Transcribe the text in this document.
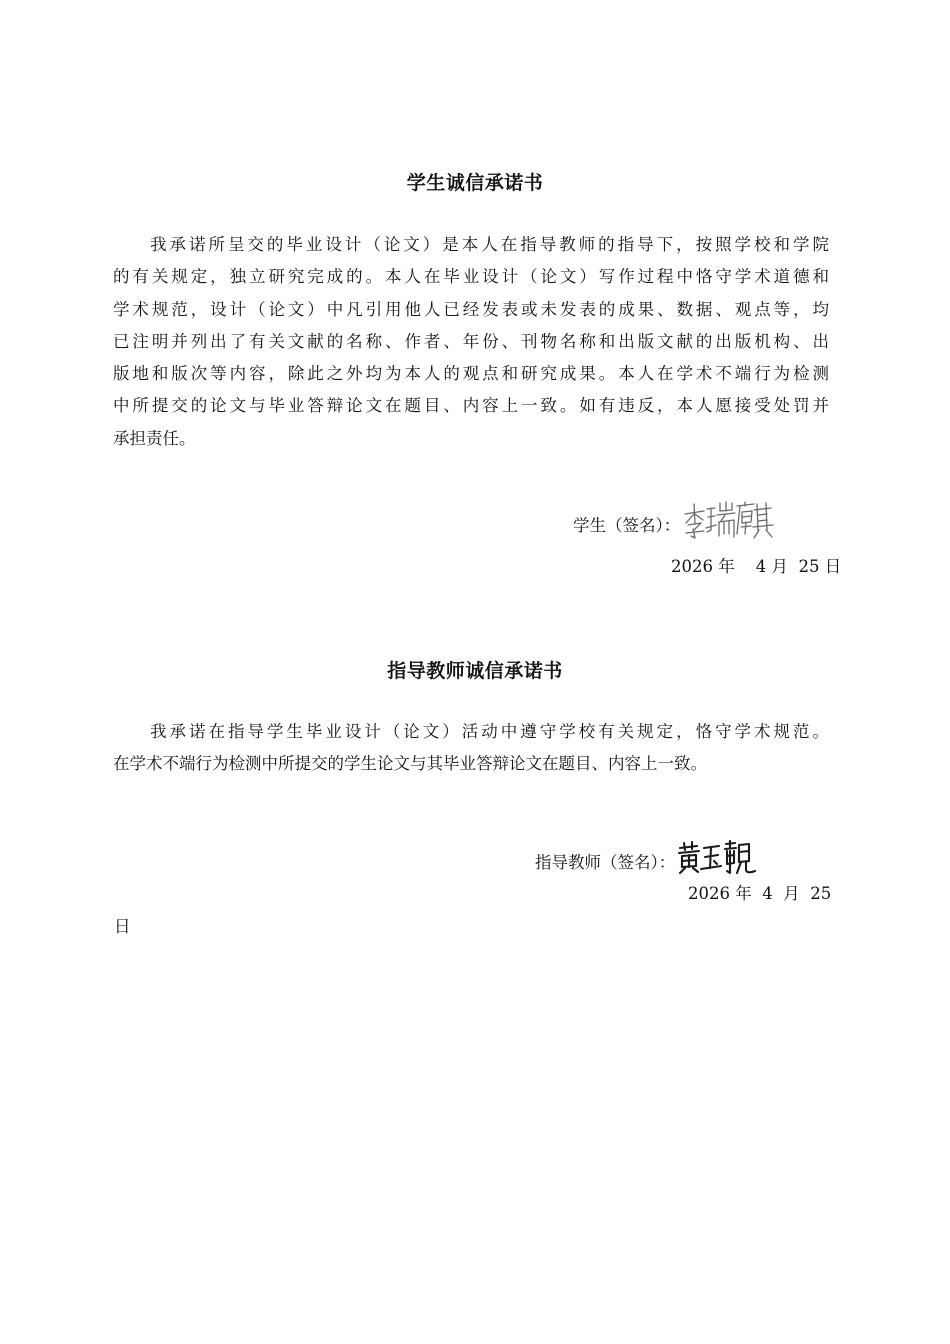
学生诚信承诺书
我承诺所呈交的毕业设计（论文）是本人在指导教师的指导下，按照学校和学院
的有关规定，独立研究完成的。本人在毕业设计（论文）写作过程中恪守学术道德和
学术规范，设计（论文）中凡引用他人已经发表或未发表的成果、数据、观点等，均
已注明并列出了有关文献的名称、作者、年份、刊物名称和出版文献的出版机构、出
版地和版次等内容，除此之外均为本人的观点和研究成果。本人在学术不端行为检测
中所提交的论文与毕业答辩论文在题目、内容上一致。如有违反，本人愿接受处罚并
承担责任。
学生（签名）：
2026 年    4 月  25 日
指导教师诚信承诺书
我承诺在指导学生毕业设计（论文）活动中遵守学校有关规定，恪守学术规范。
在学术不端行为检测中所提交的学生论文与其毕业答辩论文在题目、内容上一致。
指导教师（签名）：
2026 年  4  月  25
日
